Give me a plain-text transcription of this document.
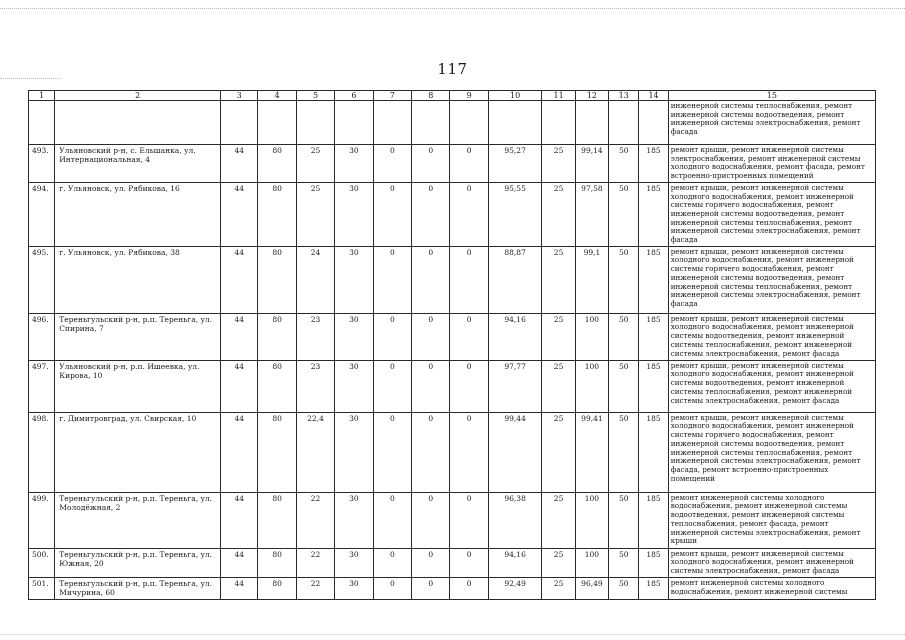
117
1	2	3	4	5	6	7	8	9	10	11	12	13	14	15
														инженерной системы теплоснабжения, ремонт инженерной системы водоотведения, ремонт инженерной системы электроснабжения, ремонт фасада
493.	Ульяновский р-н, с. Ельшанка, ул. Интернациональная, 4	44	80	25	30	0	0	0	95,27	25	99,14	50	185	ремонт крыши, ремонт инженерной системы электроснабжения, ремонт инженерной системы холодного водоснабжения, ремонт фасада, ремонт встроенно-пристроенных помещений
494.	г. Ульяновск, ул. Рябикова, 16	44	80	25	30	0	0	0	95,55	25	97,58	50	185	ремонт крыши, ремонт инженерной системы холодного водоснабжения, ремонт инженерной системы горячего водоснабжения, ремонт инженерной системы водоотведения, ремонт инженерной системы теплоснабжения, ремонт инженерной системы электроснабжения, ремонт фасада
495.	г. Ульяновск, ул. Рябикова, 38	44	80	24	30	0	0	0	88,87	25	99,1	50	185	ремонт крыши, ремонт инженерной системы холодного водоснабжения, ремонт инженерной системы горячего водоснабжения, ремонт инженерной системы водоотведения, ремонт инженерной системы теплоснабжения, ремонт инженерной системы электроснабжения, ремонт фасада
496.	Тереньгульский р-н, р.п. Тереньга, ул. Спирина, 7	44	80	23	30	0	0	0	94,16	25	100	50	185	ремонт крыши, ремонт инженерной системы холодного водоснабжения, ремонт инженерной системы водоотведения, ремонт инженерной системы теплоснабжения, ремонт инженерной системы электроснабжения, ремонт фасада
497.	Ульяновский р-н, р.п. Ишеевка, ул. Кирова, 10	44	80	23	30	0	0	0	97,77	25	100	50	185	ремонт крыши, ремонт инженерной системы холодного водоснабжения, ремонт инженерной системы водоотведения, ремонт инженерной системы теплоснабжения, ремонт инженерной системы электроснабжения, ремонт фасада
498.	г. Димитровград, ул. Свирская, 10	44	80	22,4	30	0	0	0	99,44	25	99,41	50	185	ремонт крыши, ремонт инженерной системы холодного водоснабжения, ремонт инженерной системы горячего водоснабжения, ремонт инженерной системы водоотведения, ремонт инженерной системы теплоснабжения, ремонт инженерной системы электроснабжения, ремонт фасада, ремонт встроенно-пристроенных помещений
499.	Тереньгульский р-н, р.п. Тереньга, ул. Молодёжная, 2	44	80	22	30	0	0	0	96,38	25	100	50	185	ремонт инженерной системы холодного водоснабжения, ремонт инженерной системы водоотведения, ремонт инженерной системы теплоснабжения, ремонт фасада, ремонт инженерной системы электроснабжения, ремонт крыши
500.	Тереньгульский р-н, р.п. Тереньга, ул. Южная, 20	44	80	22	30	0	0	0	94,16	25	100	50	185	ремонт крыши, ремонт инженерной системы холодного водоснабжения, ремонт инженерной системы электроснабжения, ремонт фасада
501.	Тереньгульский р-н, р.п. Тереньга, ул. Мичурина, 60	44	80	22	30	0	0	0	92,49	25	96,49	50	185	ремонт инженерной системы холодного водоснабжения, ремонт инженерной системы
